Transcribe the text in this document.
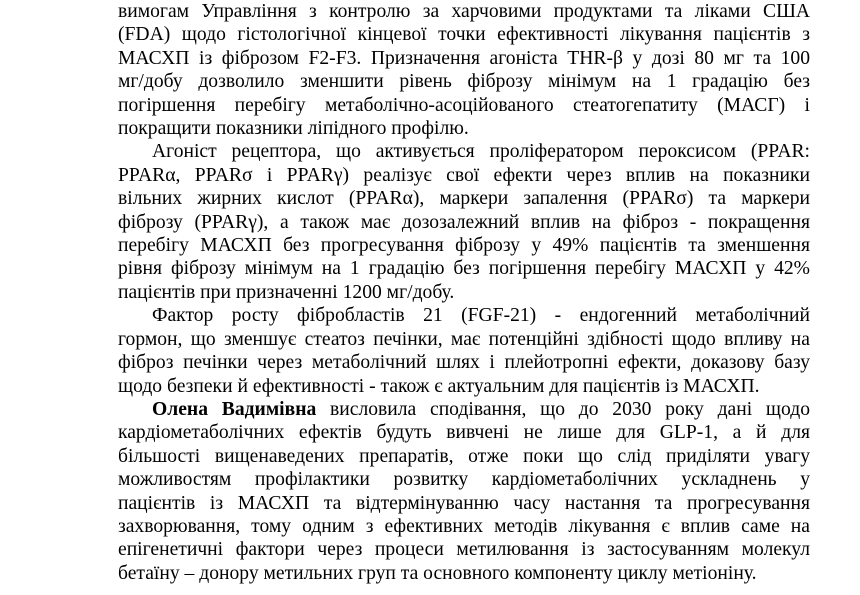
вимогам Управління з контролю за харчовими продуктами та ліками США
(FDA) щодо гістологічної кінцевої точки ефективності лікування пацієнтів з
МАСХП із фіброзом F2-F3. Призначення агоніста THR-β у дозі 80 мг та 100
мг/добу дозволило зменшити рівень фіброзу мінімум на 1 градацію без
погіршення перебігу метаболічно-асоційованого стеатогепатиту (МАСГ) і
покращити показники ліпідного профілю.
Агоніст рецептора, що активується проліфератором пероксисом (PPAR:
PPARα, PPARσ і PPARγ) реалізує свої ефекти через вплив на показники
вільних жирних кислот (PPARα), маркери запалення (PPARσ) та маркери
фіброзу (PPARγ), а також має дозозалежний вплив на фіброз - покращення
перебігу МАСХП без прогресування фіброзу у 49% пацієнтів та зменшення
рівня фіброзу мінімум на 1 градацію без погіршення перебігу МАСХП у 42%
пацієнтів при призначенні 1200 мг/добу.
Фактор росту фібробластів 21 (FGF-21) - ендогенний метаболічний
гормон, що зменшує стеатоз печінки, має потенційні здібності щодо впливу на
фіброз печінки через метаболічний шлях і плейотропні ефекти, доказову базу
щодо безпеки й ефективності - також є актуальним для пацієнтів із МАСХП.
Олена Вадимівна висловила сподівання, що до 2030 року дані щодо
кардіометаболічних ефектів будуть вивчені не лише для GLP-1, а й для
більшості вищенаведених препаратів, отже поки що слід приділяти увагу
можливостям профілактики розвитку кардіометаболічних ускладнень у
пацієнтів із МАСХП та відтермінуванню часу настання та прогресування
захворювання, тому одним з ефективних методів лікування є вплив саме на
епігенетичні фактори через процеси метилювання із застосуванням молекул
бетаїну – донору метильних груп та основного компоненту циклу метіоніну.
